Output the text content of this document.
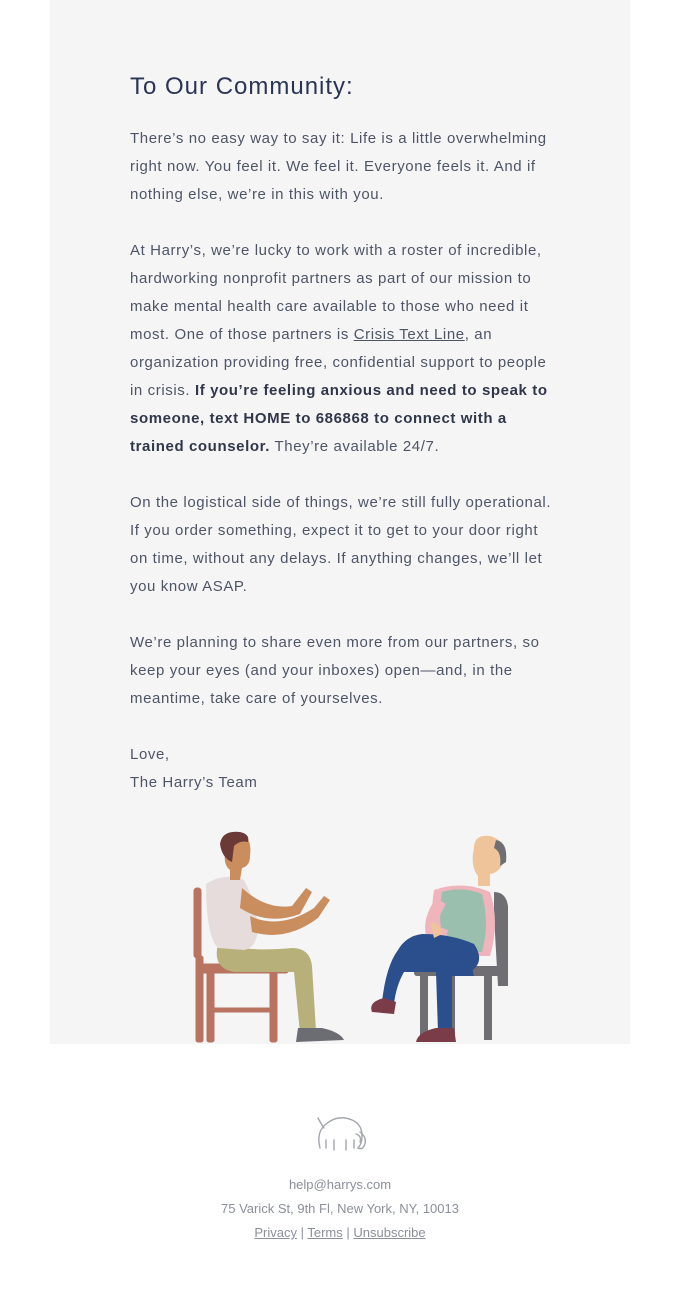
To Our Community:

There’s no easy way to say it: Life is a little overwhelming right now. You feel it. We feel it. Everyone feels it. And if nothing else, we’re in this with you.

At Harry’s, we’re lucky to work with a roster of incredible, hardworking nonprofit partners as part of our mission to make mental health care available to those who need it most. One of those partners is Crisis Text Line, an organization providing free, confidential support to people in crisis. If you’re feeling anxious and need to speak to someone, text HOME to 686868 to connect with a trained counselor. They’re available 24/7.

On the logistical side of things, we’re still fully operational. If you order something, expect it to get to your door right on time, without any delays. If anything changes, we’ll let you know ASAP.

We’re planning to share even more from our partners, so keep your eyes (and your inboxes) open—and, in the meantime, take care of yourselves.

Love,

The Harry’s Team

help@harrys.com
75 Varick St, 9th Fl, New York, NY, 10013
Privacy | Terms | Unsubscribe
